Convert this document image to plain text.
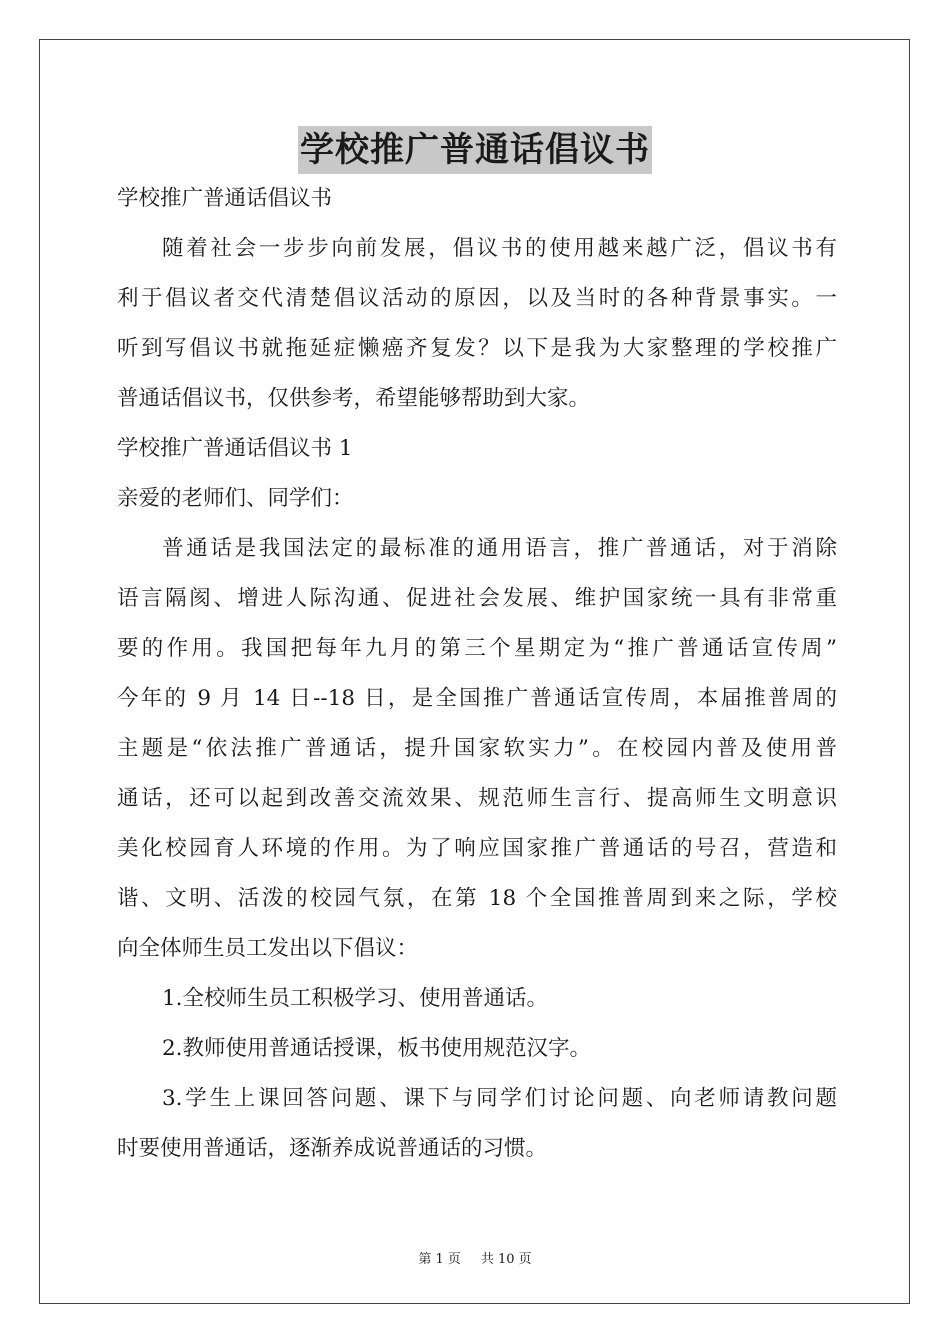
学校推广普通话倡议书
学校推广普通话倡议书
随着社会一步步向前发展，倡议书的使用越来越广泛，倡议书有
利于倡议者交代清楚倡议活动的原因，以及当时的各种背景事实。一
听到写倡议书就拖延症懒癌齐复发？以下是我为大家整理的学校推广
普通话倡议书，仅供参考，希望能够帮助到大家。
学校推广普通话倡议书 1
亲爱的老师们、同学们：
普通话是我国法定的最标准的通用语言，推广普通话，对于消除
语言隔阂、增进人际沟通、促进社会发展、维护国家统一具有非常重
要的作用。我国把每年九月的第三个星期定为“推广普通话宣传周”
今年的 9 月 14 日--18 日，是全国推广普通话宣传周，本届推普周的
主题是“依法推广普通话，提升国家软实力”。在校园内普及使用普
通话，还可以起到改善交流效果、规范师生言行、提高师生文明意识
美化校园育人环境的作用。为了响应国家推广普通话的号召，营造和
谐、文明、活泼的校园气氛，在第 18 个全国推普周到来之际，学校
向全体师生员工发出以下倡议：
1.全校师生员工积极学习、使用普通话。
2.教师使用普通话授课，板书使用规范汉字。
3.学生上课回答问题、课下与同学们讨论问题、向老师请教问题
时要使用普通话，逐渐养成说普通话的习惯。
第 1 页 共 10 页
